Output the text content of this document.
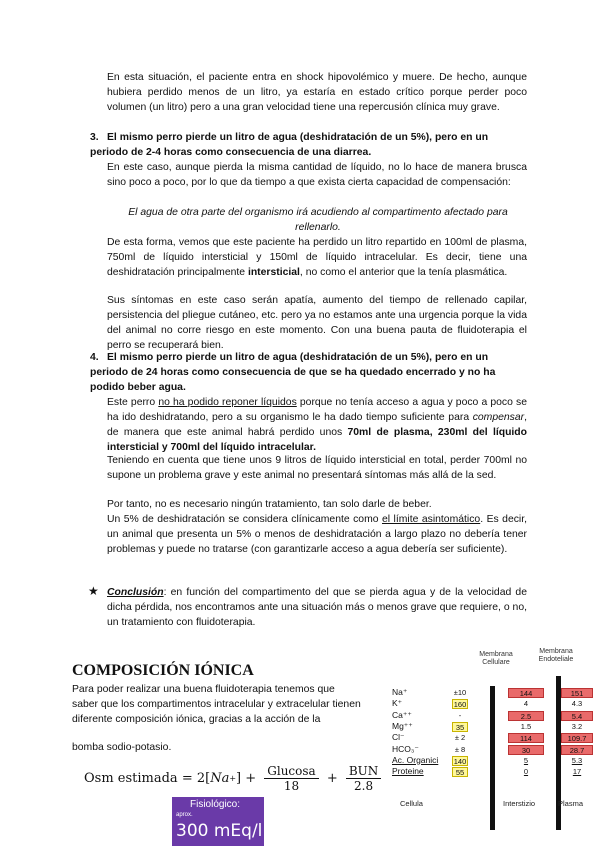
En esta situación, el paciente entra en shock hipovolémico y muere. De hecho, aunque hubiera perdido menos de un litro, ya estaría en estado crítico porque perder poco volumen (un litro) pero a una gran velocidad tiene una repercusión clínica muy grave.

3. El mismo perro pierde un litro de agua (deshidratación de un 5%), pero en un periodo de 2-4 horas como consecuencia de una diarrea.

En este caso, aunque pierda la misma cantidad de líquido, no lo hace de manera brusca sino poco a poco, por lo que da tiempo a que exista cierta capacidad de compensación:

El agua de otra parte del organismo irá acudiendo al compartimento afectado para rellenarlo.

De esta forma, vemos que este paciente ha perdido un litro repartido en 100ml de plasma, 750ml de líquido intersticial y 150ml de líquido intracelular. Es decir, tiene una deshidratación principalmente intersticial, no como el anterior que la tenía plasmática.

Sus síntomas en este caso serán apatía, aumento del tiempo de rellenado capilar, persistencia del pliegue cutáneo, etc. pero ya no estamos ante una urgencia porque la vida del animal no corre riesgo en este momento. Con una buena pauta de fluidoterapia el perro se recuperará bien.

4. El mismo perro pierde un litro de agua (deshidratación de un 5%), pero en un periodo de 24 horas como consecuencia de que se ha quedado encerrado y no ha podido beber agua.

Este perro no ha podido reponer líquidos porque no tenía acceso a agua y poco a poco se ha ido deshidratando, pero a su organismo le ha dado tiempo suficiente para compensar, de manera que este animal habrá perdido unos 70ml de plasma, 230ml del líquido intersticial y 700ml del líquido intracelular.

Teniendo en cuenta que tiene unos 9 litros de líquido intersticial en total, perder 700ml no supone un problema grave y este animal no presentará síntomas más allá de la sed.

Por tanto, no es necesario ningún tratamiento, tan solo darle de beber.

Un 5% de deshidratación se considera clínicamente como el límite asintomático. Es decir, un animal que presenta un 5% o menos de deshidratación a largo plazo no debería tener problemas y puede no tratarse (con garantizarle acceso a agua debería ser suficiente).

★ Conclusión: en función del compartimento del que se pierda agua y de la velocidad de dicha pérdida, nos encontramos ante una situación más o menos grave que requiere, o no, un tratamiento con fluidoterapia.

COMPOSICIÓN IÓNICA

Para poder realizar una buena fluidoterapia tenemos que saber que los compartimentos intracelular y extracelular tienen diferente composición iónica, gracias a la acción de la

bomba sodio-potasio.

Osm estimada = 2[ Na + ] + $\frac{\text{Glucosa}}{18} + \frac{\text{BUN}}{2.8}$
Fisiológico:
aprox.
300 mEq/l
Membrana
Cellulare
Membrana
Endoteliale
Na⁺	±10	144	151
K⁺	160	4	4.3
Ca⁺⁺	-	2.5	5.4
Mg⁺⁺	35	1.5	3.2
Cl⁻	± 2	114	109.7
HCO₃⁻	± 8	30	28.7
Ac. Organici 140	5	5.3
Proteine	55	0	17
Cellula	Interstizio	Plasma
